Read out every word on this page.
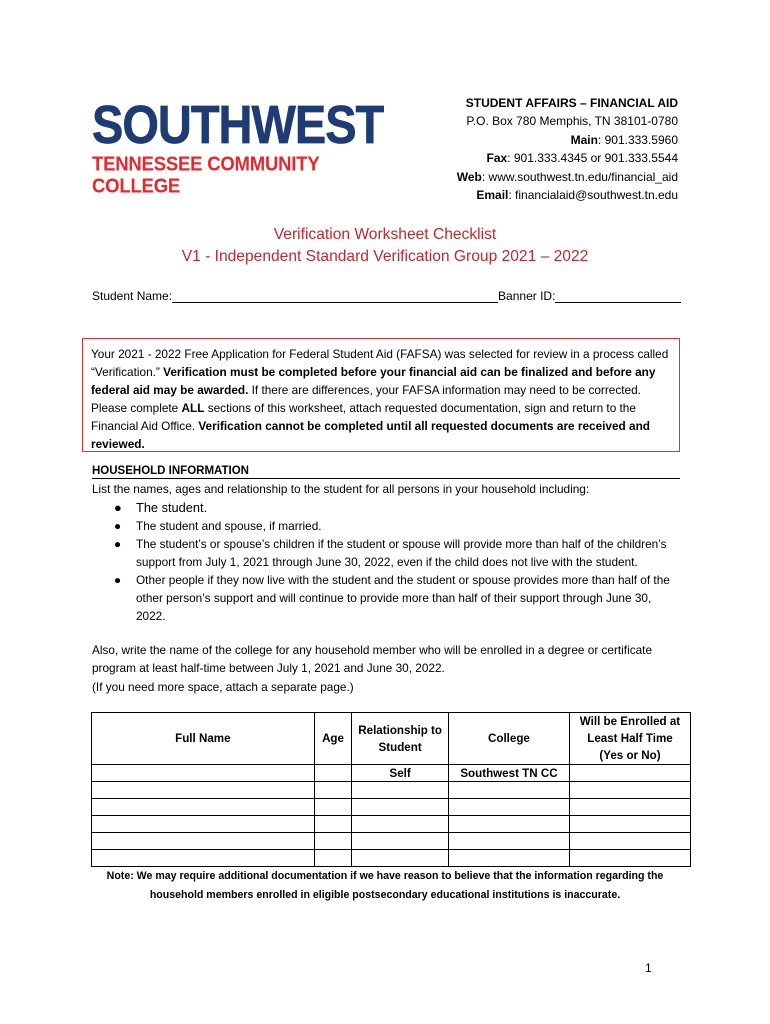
SOUTHWEST
TENNESSEE COMMUNITY COLLEGE
STUDENT AFFAIRS – FINANCIAL AID
P.O. Box 780 Memphis, TN 38101-0780
Main: 901.333.5960
Fax: 901.333.4345 or 901.333.5544
Web: www.southwest.tn.edu/financial_aid
Email: financialaid@southwest.tn.edu
Verification Worksheet Checklist
V1 - Independent Standard Verification Group 2021 – 2022
Student Name:	Banner ID:
Your 2021 - 2022 Free Application for Federal Student Aid (FAFSA) was selected for review in a process called “Verification.” Verification must be completed before your financial aid can be finalized and before any federal aid may be awarded. If there are differences, your FAFSA information may need to be corrected. Please complete ALL sections of this worksheet, attach requested documentation, sign and return to the Financial Aid Office. Verification cannot be completed until all requested documents are received and reviewed.
HOUSEHOLD INFORMATION
List the names, ages and relationship to the student for all persons in your household including:
● The student.
● The student and spouse, if married.
● The student’s or spouse’s children if the student or spouse will provide more than half of the children’s support from July 1, 2021 through June 30, 2022, even if the child does not live with the student.
● Other people if they now live with the student and the student or spouse provides more than half of the other person’s support and will continue to provide more than half of their support through June 30, 2022.
Also, write the name of the college for any household member who will be enrolled in a degree or certificate program at least half-time between July 1, 2021 and June 30, 2022.
(If you need more space, attach a separate page.)
Full Name	Age	Relationship to Student	College	Will be Enrolled at Least Half Time (Yes or No)
		Self	Southwest TN CC	

Note: We may require additional documentation if we have reason to believe that the information regarding the household members enrolled in eligible postsecondary educational institutions is inaccurate.
1
